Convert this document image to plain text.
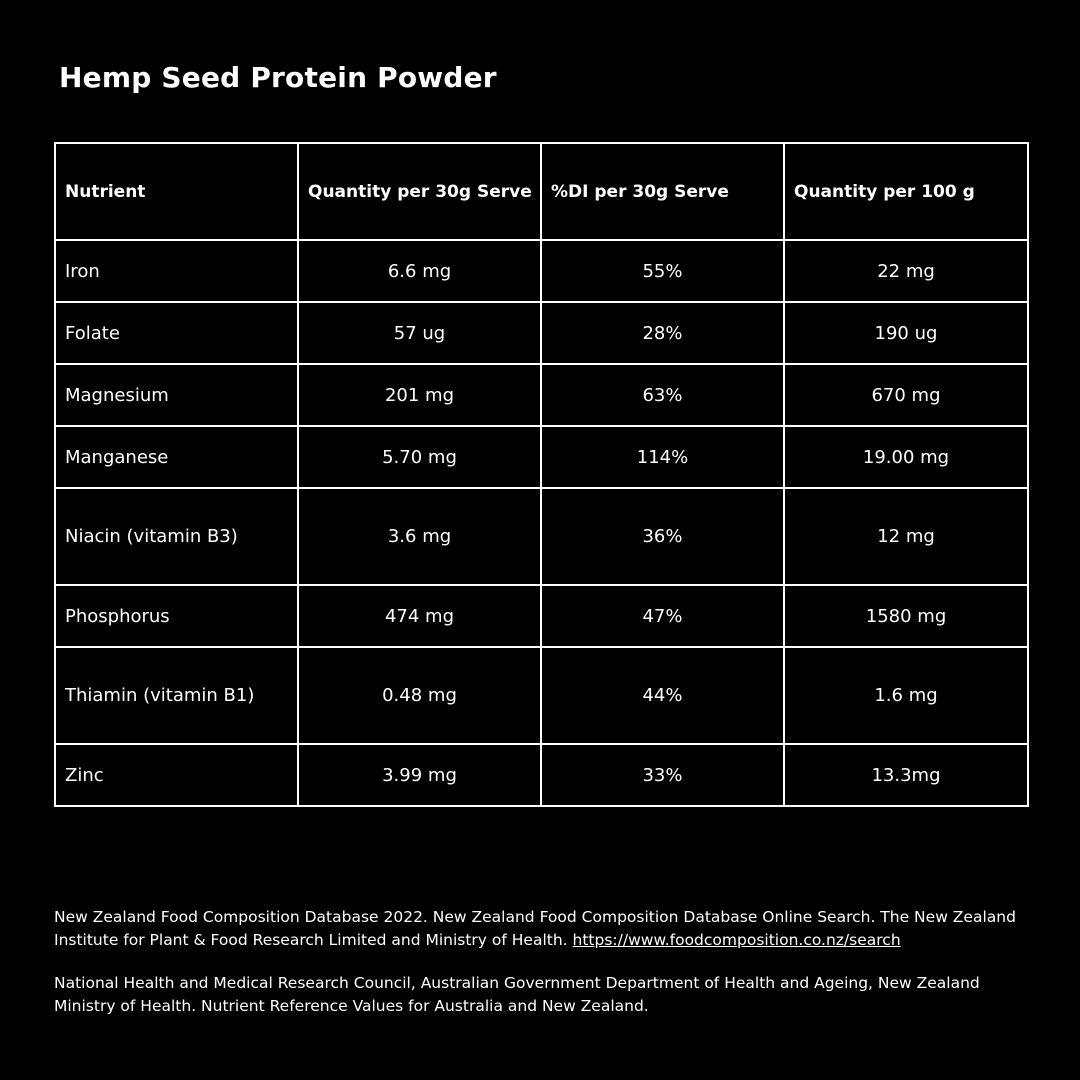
Hemp Seed Protein Powder
Nutrient	Quantity per 30g Serve	%DI per 30g Serve	Quantity per 100 g
Iron	6.6 mg	55%	22 mg
Folate	57 ug	28%	190 ug
Magnesium	201 mg	63%	670 mg
Manganese	5.70 mg	114%	19.00 mg
Niacin (vitamin B3)	3.6 mg	36%	12 mg
Phosphorus	474 mg	47%	1580 mg
Thiamin (vitamin B1)	0.48 mg	44%	1.6 mg
Zinc	3.99 mg	33%	13.3mg

New Zealand Food Composition Database 2022. New Zealand Food Composition Database Online Search. The New Zealand Institute for Plant & Food Research Limited and Ministry of Health. https://www.foodcomposition.co.nz/search

National Health and Medical Research Council, Australian Government Department of Health and Ageing, New Zealand Ministry of Health. Nutrient Reference Values for Australia and New Zealand.
